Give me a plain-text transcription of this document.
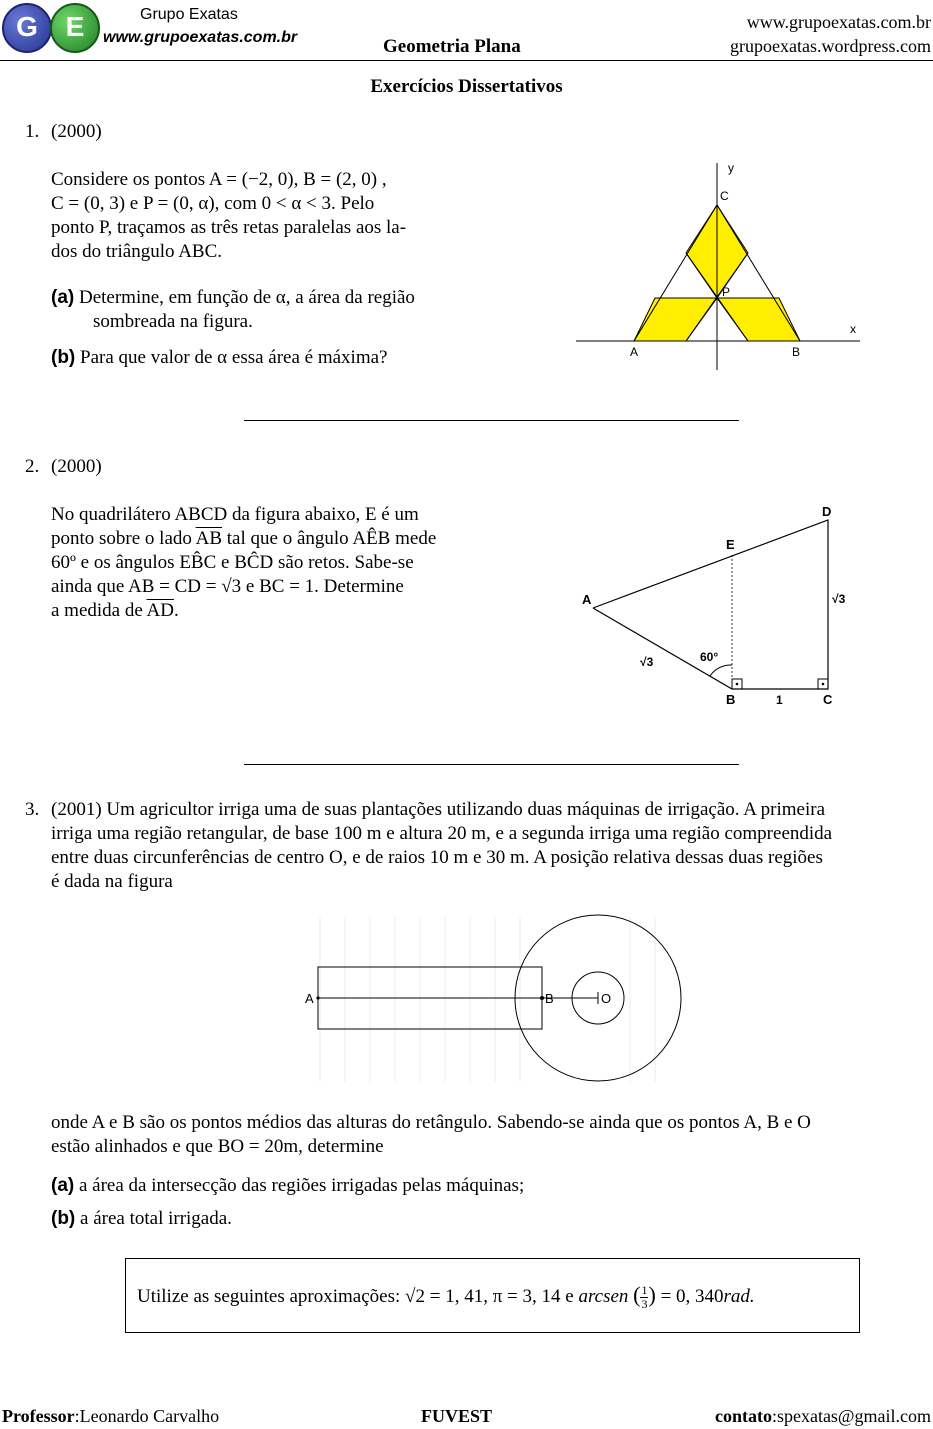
G E	Grupo Exatas
www.grupoexatas.com.br	Geometria Plana
www.grupoexatas.com.br
grupoexatas.wordpress.com
Exercícios Dissertativos
1. (2000)
Considere os pontos A = (−2, 0), B = (2, 0) ,
C = (0, 3) e P = (0, α), com 0 < α < 3. Pelo
ponto P, traçamos as três retas paralelas aos la-
dos do triângulo ABC.
(a) Determine, em função de α, a área da região
sombreada na figura.
(b) Para que valor de α essa área é máxima?
y
x
C
P
A	B
2. (2000)
No quadrilátero ABCD da figura abaixo, E é um
ponto sobre o lado $\overline{AB}$ tal que o ângulo AÊB mede
60º e os ângulos EB̂C e BĈD são retos. Sabe-se
ainda que AB = CD = √3 e BC = 1. Determine
a medida de $\overline{AD}$.
A
E
D
B	C
60°
√3
√3
1
3. (2001) Um agricultor irriga uma de suas plantações utilizando duas máquinas de irrigação. A primeira
irriga uma região retangular, de base 100 m e altura 20 m, e a segunda irriga uma região compreendida
entre duas circunferências de centro O, e de raios 10 m e 30 m. A posição relativa dessas duas regiões
é dada na figura
A	B	O
onde A e B são os pontos médios das alturas do retângulo. Sabendo-se ainda que os pontos A, B e O
estão alinhados e que BO = 20m, determine
(a) a área da intersecção das regiões irrigadas pelas máquinas;
(b) a área total irrigada.
Utilize as seguintes aproximações: √2 = 1, 41, π = 3, 14 e arcsen ( $\frac{1}{3}$ ) = 0, 340rad.
Professor:Leonardo Carvalho	FUVEST	contato:spexatas@gmail.com
